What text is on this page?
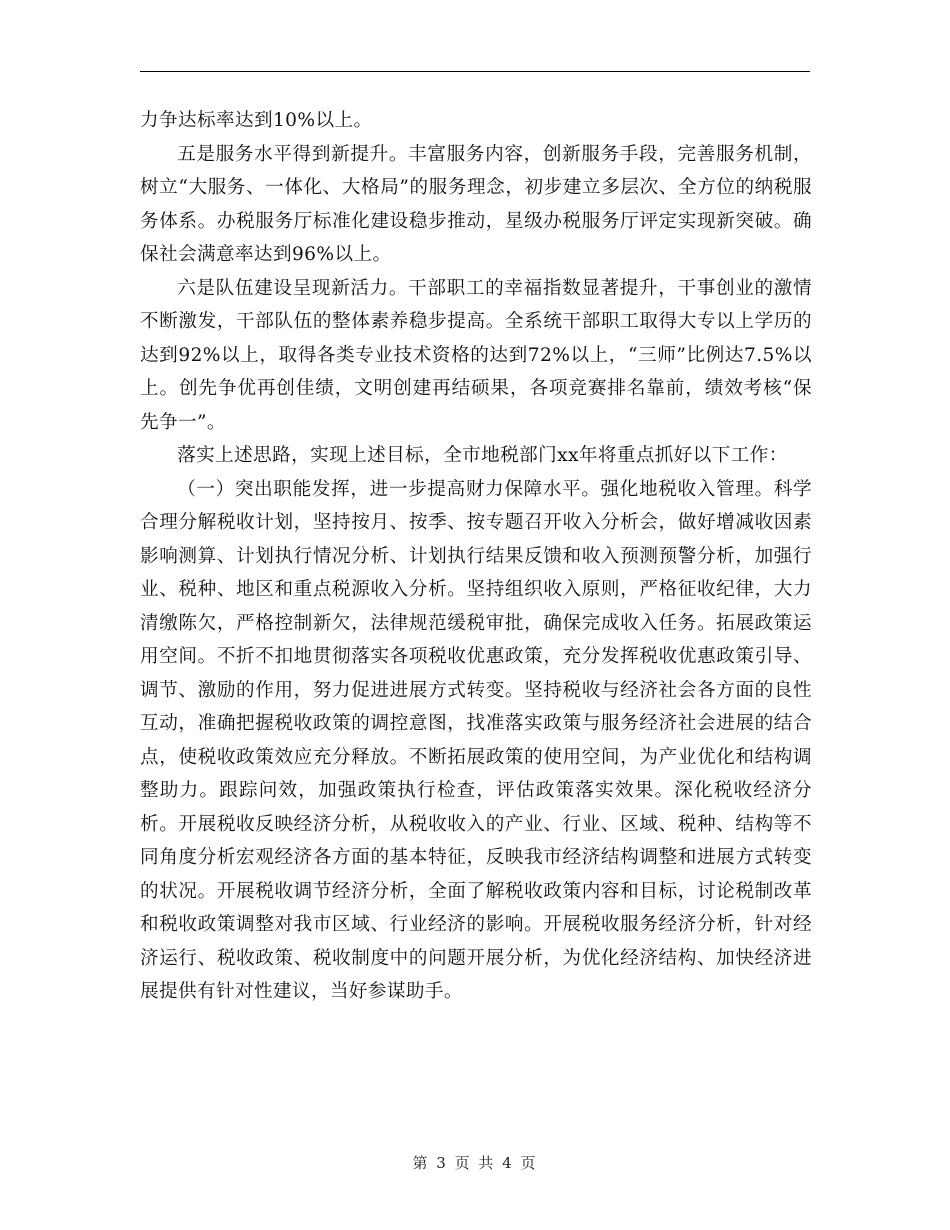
力争达标率达到10%以上。

五是服务水平得到新提升。丰富服务内容，创新服务手段，完善服务机制，树立“大服务、一体化、大格局”的服务理念，初步建立多层次、全方位的纳税服务体系。办税服务厅标准化建设稳步推动，星级办税服务厅评定实现新突破。确保社会满意率达到96%以上。

六是队伍建设呈现新活力。干部职工的幸福指数显著提升，干事创业的激情不断激发，干部队伍的整体素养稳步提高。全系统干部职工取得大专以上学历的达到92%以上，取得各类专业技术资格的达到72%以上，“三师”比例达7.5%以上。创先争优再创佳绩，文明创建再结硕果，各项竞赛排名靠前，绩效考核“保先争一”。

落实上述思路，实现上述目标，全市地税部门xx年将重点抓好以下工作：

（一）突出职能发挥，进一步提高财力保障水平。强化地税收入管理。科学合理分解税收计划，坚持按月、按季、按专题召开收入分析会，做好增减收因素影响测算、计划执行情况分析、计划执行结果反馈和收入预测预警分析，加强行业、税种、地区和重点税源收入分析。坚持组织收入原则，严格征收纪律，大力清缴陈欠，严格控制新欠，法律规范缓税审批，确保完成收入任务。拓展政策运用空间。不折不扣地贯彻落实各项税收优惠政策，充分发挥税收优惠政策引导、调节、激励的作用，努力促进进展方式转变。坚持税收与经济社会各方面的良性互动，准确把握税收政策的调控意图，找准落实政策与服务经济社会进展的结合点，使税收政策效应充分释放。不断拓展政策的使用空间，为产业优化和结构调整助力。跟踪问效，加强政策执行检查，评估政策落实效果。深化税收经济分析。开展税收反映经济分析，从税收收入的产业、行业、区域、税种、结构等不同角度分析宏观经济各方面的基本特征，反映我市经济结构调整和进展方式转变的状况。开展税收调节经济分析，全面了解税收政策内容和目标，讨论税制改革和税收政策调整对我市区域、行业经济的影响。开展税收服务经济分析，针对经济运行、税收政策、税收制度中的问题开展分析，为优化经济结构、加快经济进展提供有针对性建议，当好参谋助手。

第 3 页 共 4 页
